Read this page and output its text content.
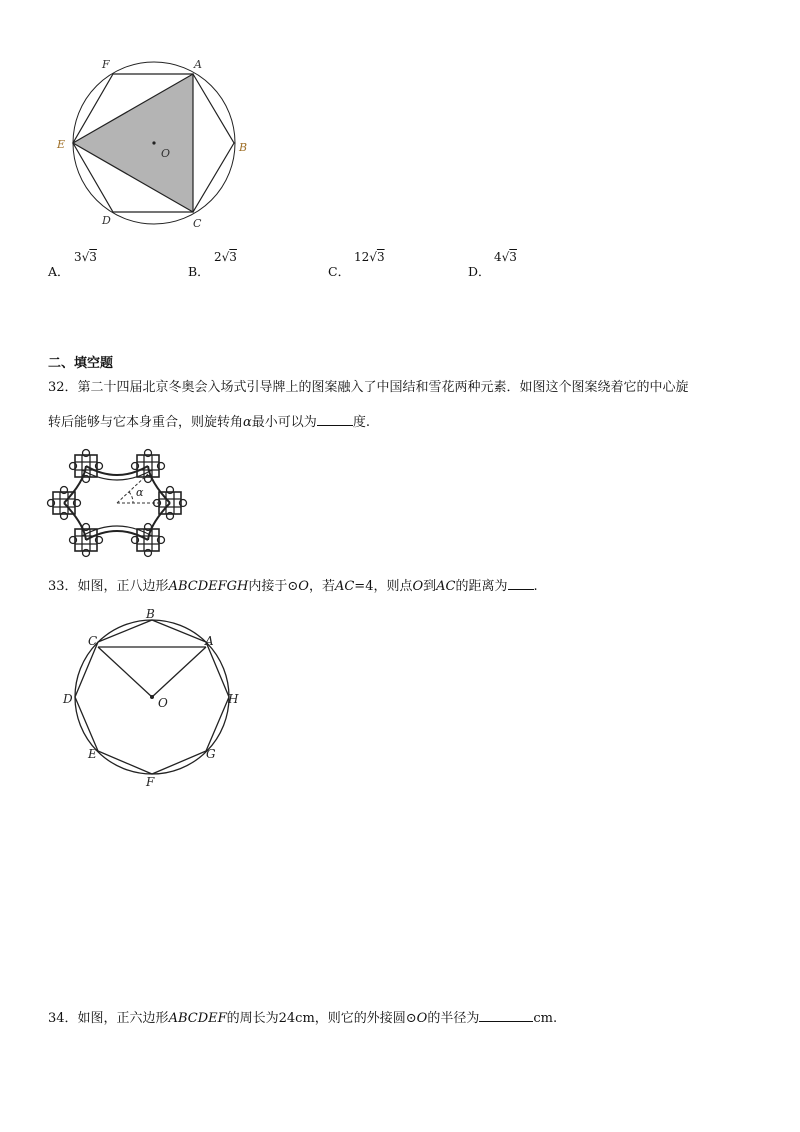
F	A
B
C
D
E
O
A．
3√3
B．
2√3
C．
12√3
D．
4√3
二、填空题
32．第二十四届北京冬奥会入场式引导牌上的图案融入了中国结和雪花两种元素．如图这个图案绕着它的中心旋
转后能够与它本身重合，则旋转角α最小可以为	度.
α
33．如图，正八边形ABCDEFGH内接于⊙O，若AC=4，则点O到AC的距离为 .
B
A
C
D	H
E	G
F
O
34．如图，正六边形ABCDEF的周长为24cm，则它的外接圆⊙O的半径为	cm.
